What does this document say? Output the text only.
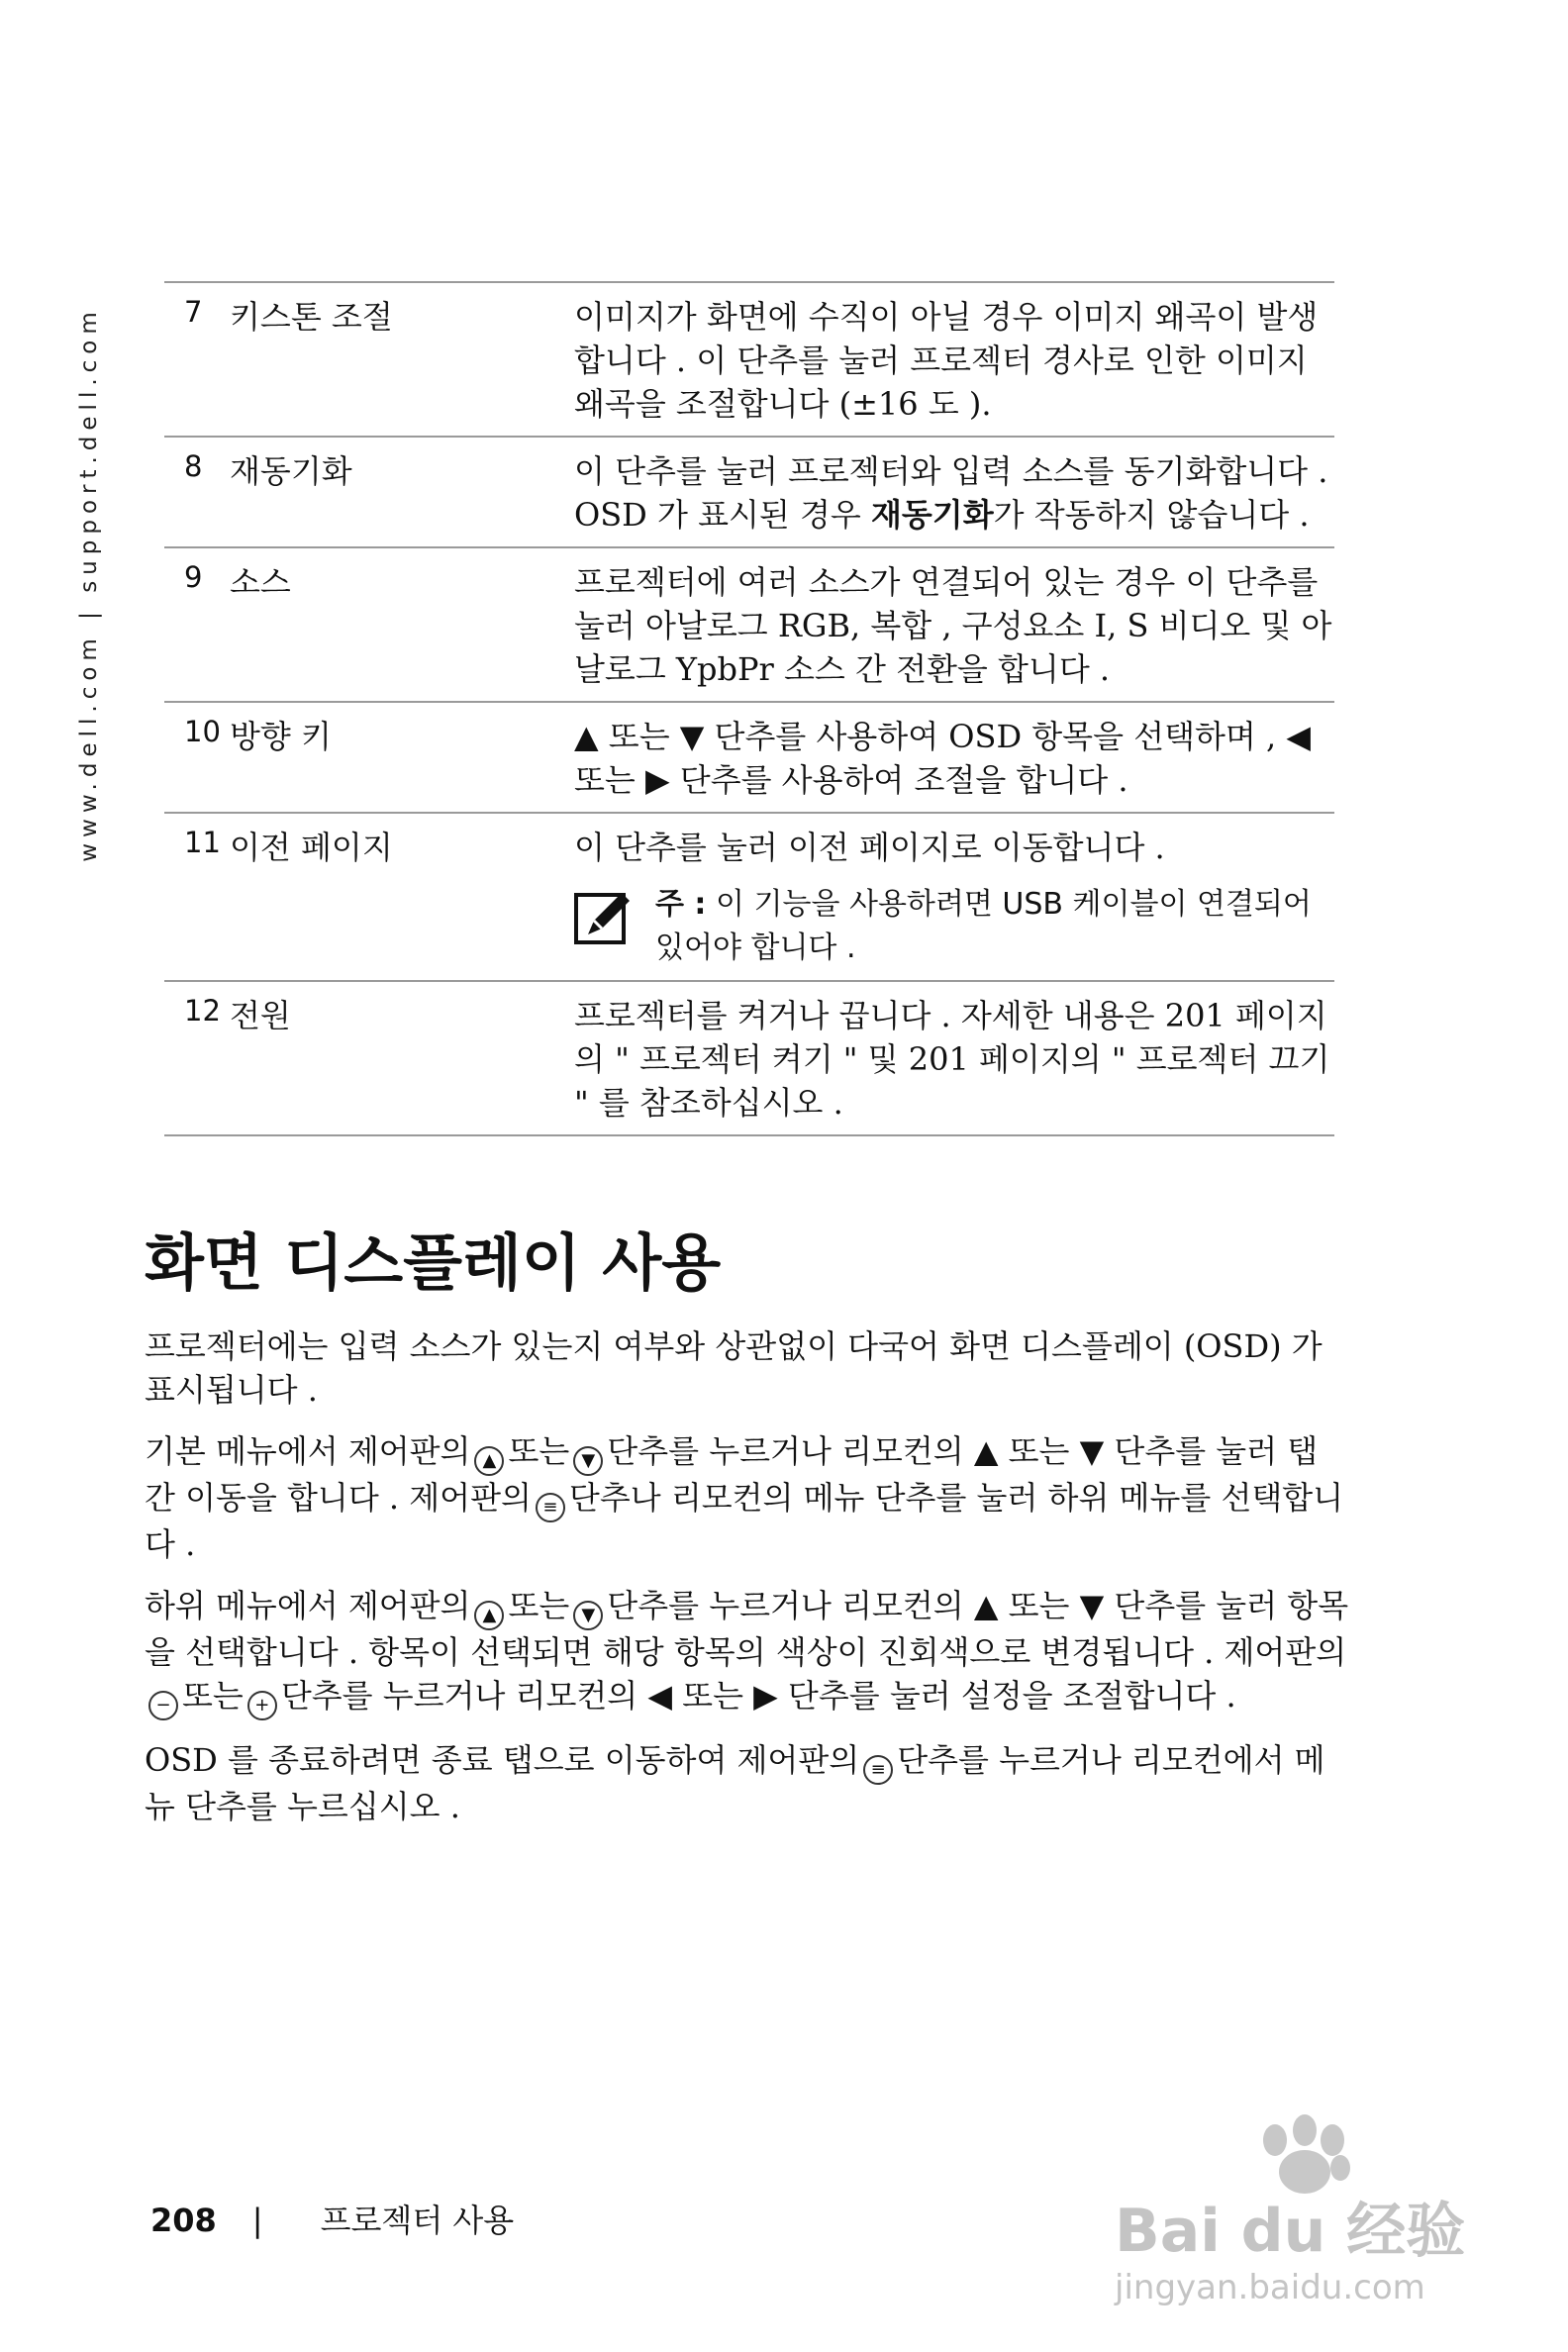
www.dell.com | support.dell.com	7 키스톤 조절	이미지가 화면에 수직이 아닐 경우 이미지 왜곡이 발생합니다 . 이 단추를 눌러 프로젝터 경사로 인한 이미지 왜곡을 조절합니다 (±16 도 ).
8 재동기화	이 단추를 눌러 프로젝터와 입력 소스를 동기화합니다 . OSD 가 표시된 경우 재동기화가 작동하지 않습니다 .
9 소스	프로젝터에 여러 소스가 연결되어 있는 경우 이 단추를 눌러 아날로그 RGB, 복합 , 구성요소 I, S 비디오 및 아날로그 YpbPr 소스 간 전환을 합니다 .
10 방향 키	▲ 또는 ▼ 단추를 사용하여 OSD 항목을 선택하며 , ◀ 또는 ▶ 단추를 사용하여 조절을 합니다 .
11 이전 페이지	이 단추를 눌러 이전 페이지로 이동합니다 .
주 : 이 기능을 사용하려면 USB 케이블이 연결되어 있어야 합니다 .
12 전원	프로젝터를 켜거나 끕니다 . 자세한 내용은 201 페이지의 " 프로젝터 켜기 " 및 201 페이지의 " 프로젝터 끄기 " 를 참조하십시오 .
화면 디스플레이 사용

프로젝터에는 입력 소스가 있는지 여부와 상관없이 다국어 화면 디스플레이 (OSD) 가 표시됩니다 .

기본 메뉴에서 제어판의 ▲ 또는 ▼ 단추를 누르거나 리모컨의 ▲ 또는 ▼ 단추를 눌러 탭 간 이동을 합니다 . 제어판의 ≡ 단추나 리모컨의 메뉴 단추를 눌러 하위 메뉴를 선택합니다 .

하위 메뉴에서 제어판의 ▲ 또는 ▼ 단추를 누르거나 리모컨의 ▲ 또는 ▼ 단추를 눌러 항목을 선택합니다 . 항목이 선택되면 해당 항목의 색상이 진회색으로 변경됩니다 . 제어판의− 또는 + 단추를 누르거나 리모컨의 ◀ 또는 ▶ 단추를 눌러 설정을 조절합니다 .

OSD 를 종료하려면 종료 탭으로 이동하여 제어판의 ≡ 단추를 누르거나 리모컨에서 메뉴 단추를 누르십시오 .

208 | 프로젝터 사용	Bai du 经验
jingyan.baidu.com
